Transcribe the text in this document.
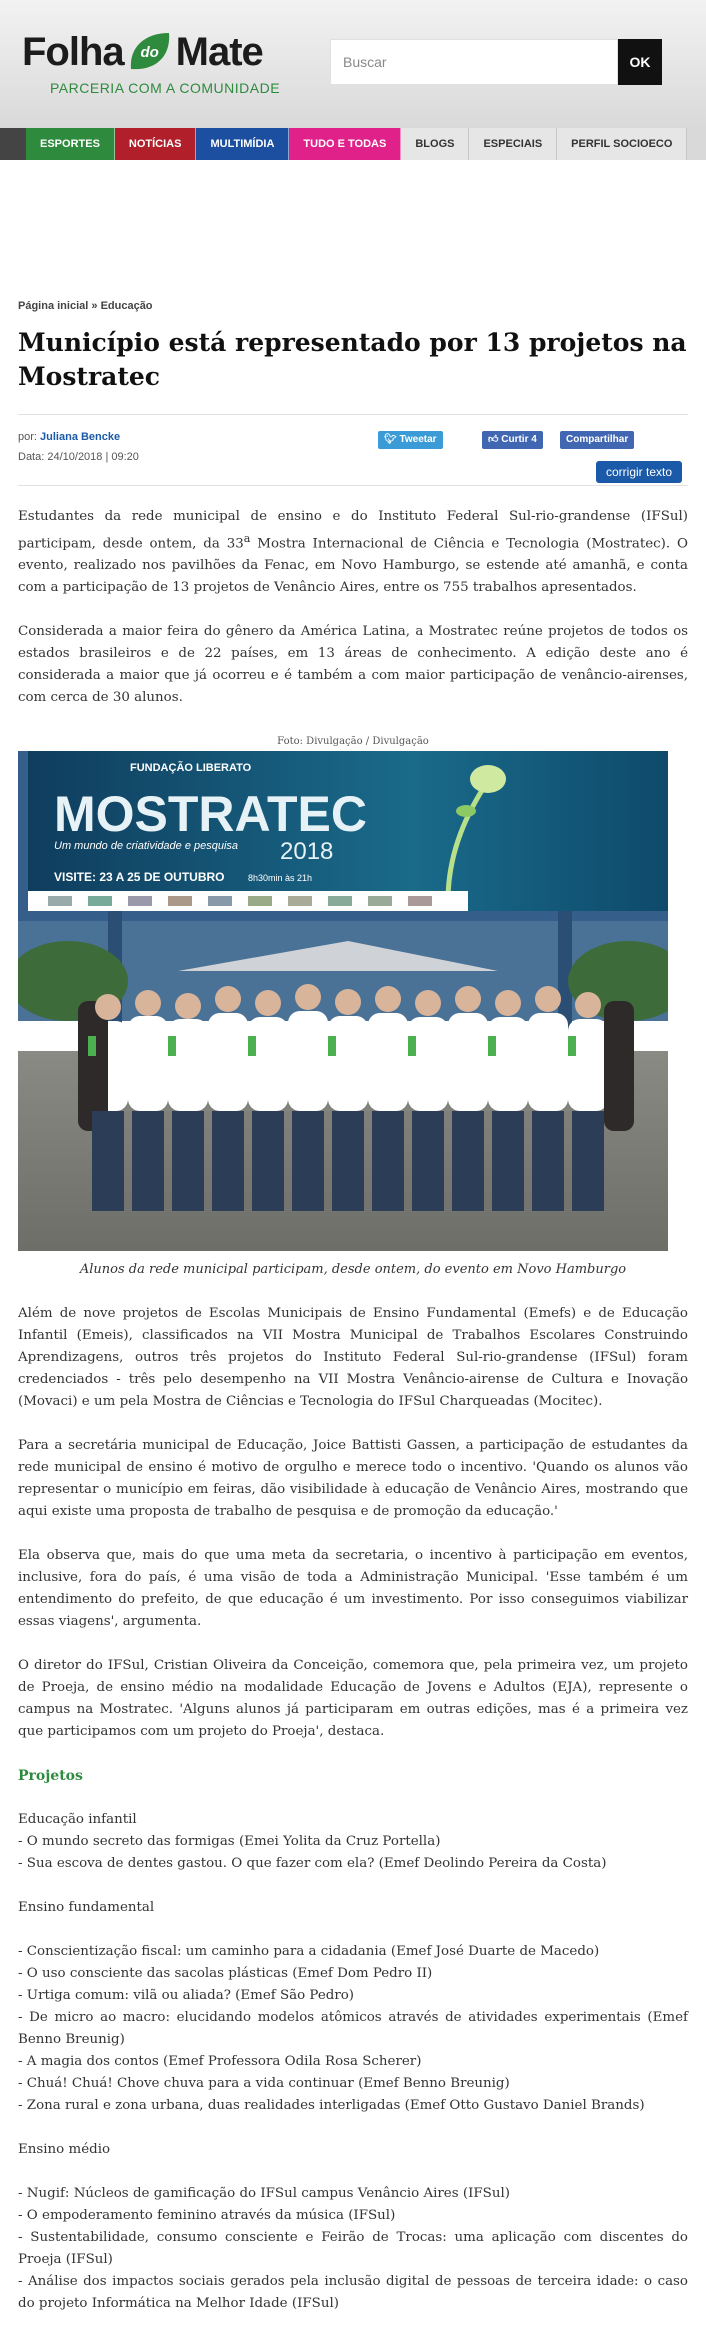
Folha do Mate
PARCERIA COM A COMUNIDADE
Buscar
OK
ESPORTES	NOTÍCIAS	MULTIMÍDIA	TUDO E TODAS	BLOGS	ESPECIAIS	PERFIL SOCIOECO
Página inicial » Educação
Município está representado por 13 projetos na Mostratec
por: Juliana Bencke
Data: 24/10/2018 | 09:20
🐦︎ Tweetar	👍︎ Curtir 4	Compartilhar
corrigir texto

Estudantes da rede municipal de ensino e do Instituto Federal Sul-rio-grandense (IFSul) participam, desde ontem, da 33$^a$ Mostra Internacional de Ciência e Tecnologia (Mostratec). O evento, realizado nos pavilhões da Fenac, em Novo Hamburgo, se estende até amanhã, e conta com a participação de 13 projetos de Venâncio Aires, entre os 755 trabalhos apresentados.

Considerada a maior feira do gênero da América Latina, a Mostratec reúne projetos de todos os estados brasileiros e de 22 países, em 13 áreas de conhecimento. A edição deste ano é considerada a maior que já ocorreu e é também a com maior participação de venâncio-airenses, com cerca de 30 alunos.

Foto: Divulgação / Divulgação
FUNDAÇÃO LIBERATO
MOSTRATEC
2018
Um mundo de criatividade e pesquisa
VISITE: 23 A 25 DE OUTUBRO	8h30min às 21h
Alunos da rede municipal participam, desde ontem, do evento em Novo Hamburgo

Além de nove projetos de Escolas Municipais de Ensino Fundamental (Emefs) e de Educação Infantil (Emeis), classificados na VII Mostra Municipal de Trabalhos Escolares Construindo Aprendizagens, outros três projetos do Instituto Federal Sul-rio-grandense (IFSul) foram credenciados - três pelo desempenho na VII Mostra Venâncio-airense de Cultura e Inovação (Movaci) e um pela Mostra de Ciências e Tecnologia do IFSul Charqueadas (Mocitec).

Para a secretária municipal de Educação, Joice Battisti Gassen, a participação de estudantes da rede municipal de ensino é motivo de orgulho e merece todo o incentivo. 'Quando os alunos vão representar o município em feiras, dão visibilidade à educação de Venâncio Aires, mostrando que aqui existe uma proposta de trabalho de pesquisa e de promoção da educação.'

Ela observa que, mais do que uma meta da secretaria, o incentivo à participação em eventos, inclusive, fora do país, é uma visão de toda a Administração Municipal. 'Esse também é um entendimento do prefeito, de que educação é um investimento. Por isso conseguimos viabilizar essas viagens', argumenta.

O diretor do IFSul, Cristian Oliveira da Conceição, comemora que, pela primeira vez, um projeto de Proeja, de ensino médio na modalidade Educação de Jovens e Adultos (EJA), represente o campus na Mostratec. 'Alguns alunos já participaram em outras edições, mas é a primeira vez que participamos com um projeto do Proeja', destaca.

Projetos
Educação infantil
- O mundo secreto das formigas (Emei Yolita da Cruz Portella)
- Sua escova de dentes gastou. O que fazer com ela? (Emef Deolindo Pereira da Costa)
Ensino fundamental
- Conscientização fiscal: um caminho para a cidadania (Emef José Duarte de Macedo)
- O uso consciente das sacolas plásticas (Emef Dom Pedro II)
- Urtiga comum: vilã ou aliada? (Emef São Pedro)
- De micro ao macro: elucidando modelos atômicos através de atividades experimentais (Emef Benno Breunig)
- A magia dos contos (Emef Professora Odila Rosa Scherer)
- Chuá! Chuá! Chove chuva para a vida continuar (Emef Benno Breunig)
- Zona rural e zona urbana, duas realidades interligadas (Emef Otto Gustavo Daniel Brands)
Ensino médio
- Nugif: Núcleos de gamificação do IFSul campus Venâncio Aires (IFSul)
- O empoderamento feminino através da música (IFSul)
- Sustentabilidade, consumo consciente e Feirão de Trocas: uma aplicação com discentes do Proeja (IFSul)
- Análise dos impactos sociais gerados pela inclusão digital de pessoas de terceira idade: o caso do projeto Informática na Melhor Idade (IFSul)
